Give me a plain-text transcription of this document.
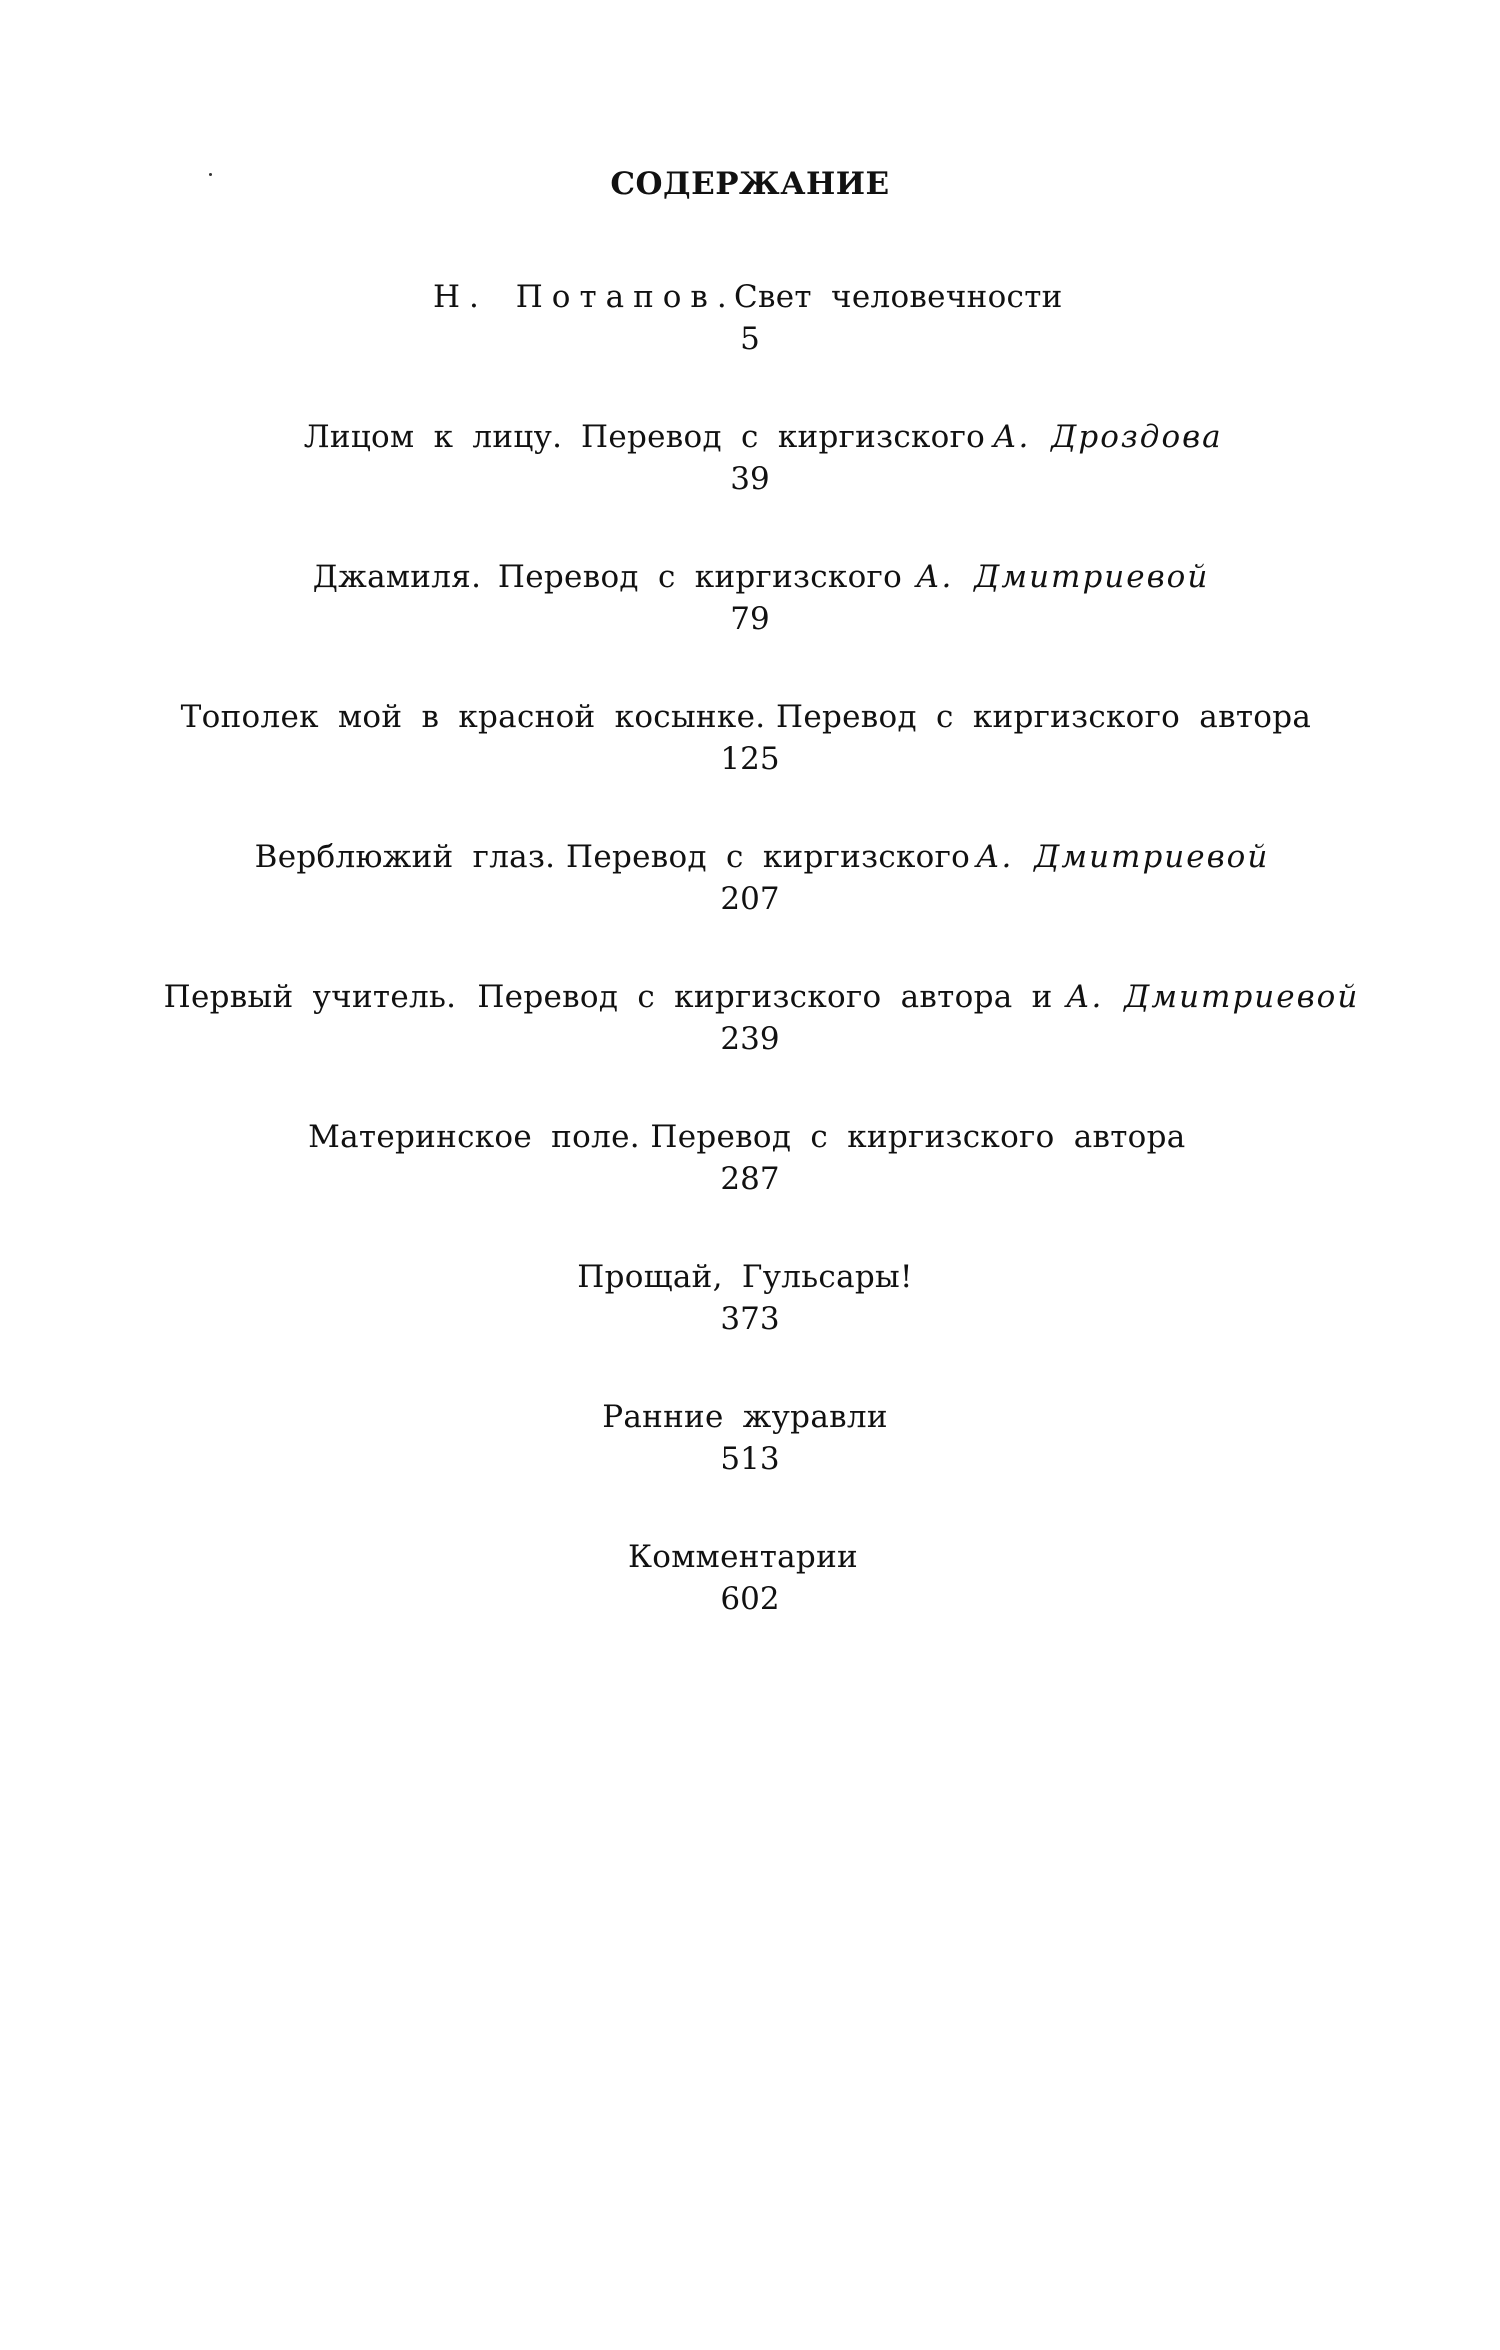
СОДЕРЖАНИЕ
Н. Потапов.
Свет человечности
5
Лицом к лицу. Перевод с киргизского А. Дроздова
39
Джамиля. Перевод с киргизского А. Дмитриевой
79
Тополек мой в красной косынке. Перевод с киргизского автора
125
Верблюжий глаз. Перевод с киргизского А. Дмитриевой
207
Первый учитель. Перевод с киргизского автора и А. Дмитриевой
239
Материнское поле. Перевод с киргизского автора
287
Прощай, Гульсары!
373
Ранние журавли
513
Комментарии
602
